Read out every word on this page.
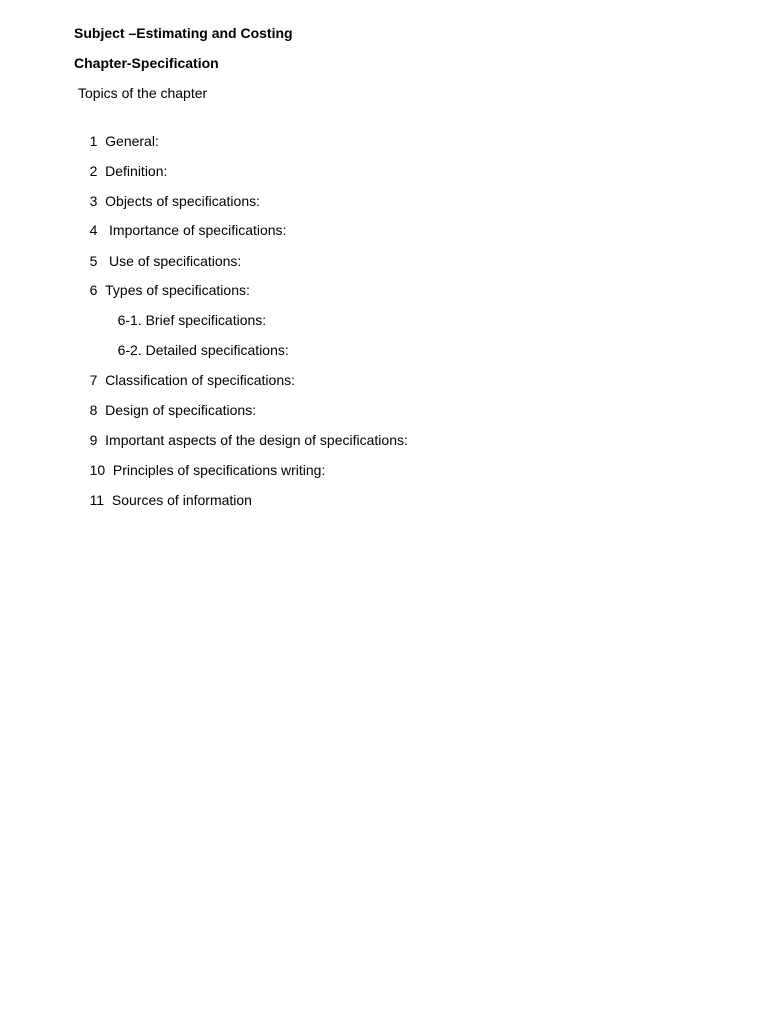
Subject –Estimating and Costing
Chapter-Specification
Topics of the chapter

1 General:

2 Definition:

3 Objects of specifications:

4 Importance of specifications:

5 Use of specifications:

6 Types of specifications:

6-1. Brief specifications:

6-2. Detailed specifications:

7 Classification of specifications:

8 Design of specifications:

9 Important aspects of the design of specifications:

10 Principles of specifications writing:

11 Sources of information
